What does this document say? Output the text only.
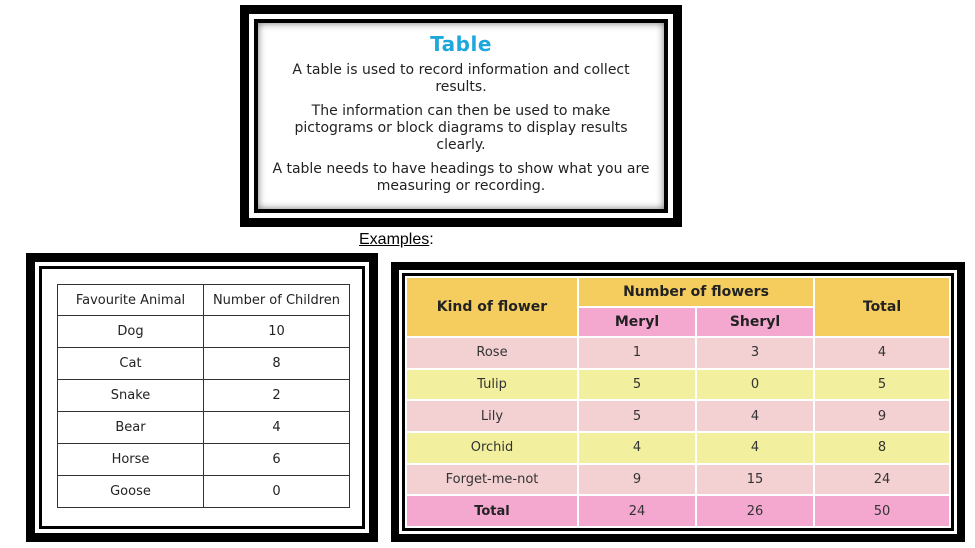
Table
A table is used to record information and collect results.
The information can then be used to make pictograms or block diagrams to display results clearly.
A table needs to have headings to show what you are measuring or recording.
Examples:
Favourite Animal	Number of Children
Dog	10
Cat	8
Snake	2
Bear	4
Horse	6
Goose	0
Kind of flower	Number of flowers		Total
	Meryl	Sheryl	
Rose	1	3	4
Tulip	5	0	5
Lily	5	4	9
Orchid	4	4	8
Forget-me-not	9	15	24
Total	24	26	50
